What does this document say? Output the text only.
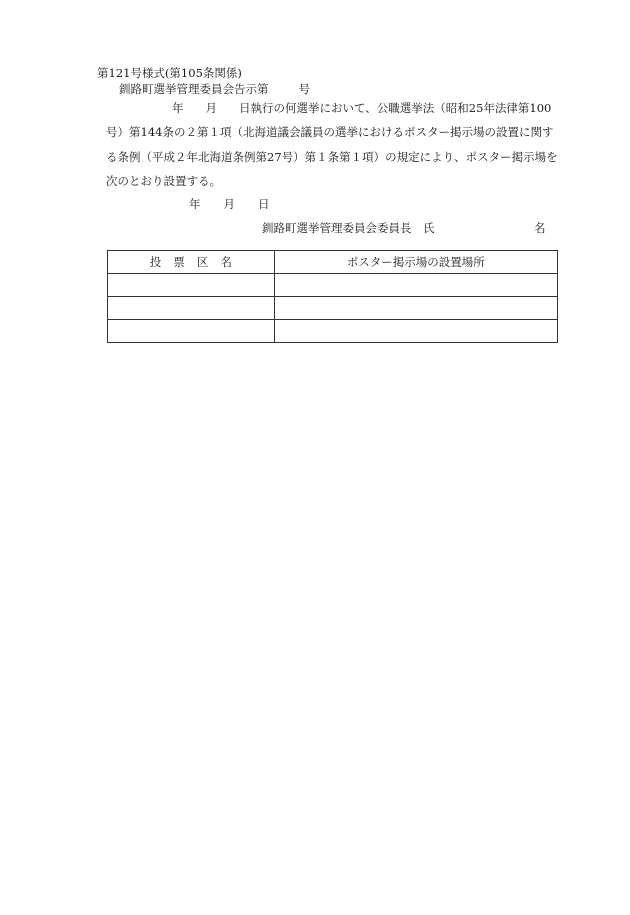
第121号様式(第105条関係)
釧路町選挙管理委員会告示第	号
年 月 日執行の何選挙において、公職選挙法（昭和25年法律第100
号）第144条の２第１項（北海道議会議員の選挙におけるポスター掲示場の設置に関す
る条例（平成２年北海道条例第27号）第１条第１項）の規定により、ポスター掲示場を
次のとおり設置する。
年 月 日
釧路町選挙管理委員会委員長　氏	名
投票区名	ポスター掲示場の設置場所
